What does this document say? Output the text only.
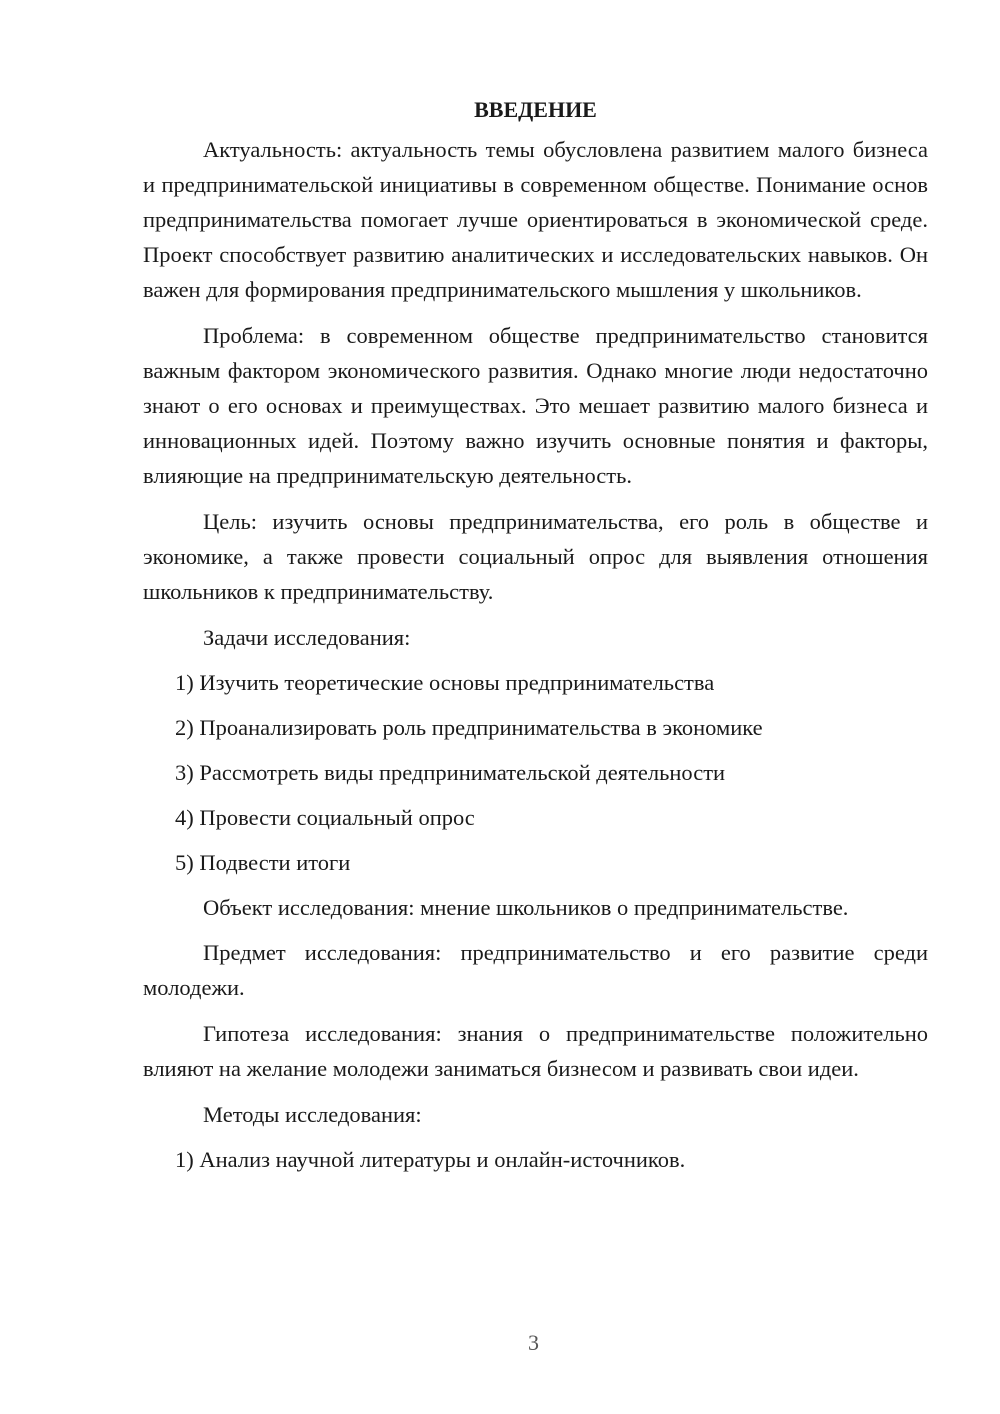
ВВЕДЕНИЕ

Актуальность: актуальность темы обусловлена развитием малого бизнеса и предпринимательской инициативы в современном обществе. Понимание основ предпринимательства помогает лучше ориентироваться в экономической среде. Проект способствует развитию аналитических и исследовательских навыков. Он важен для формирования предпринимательского мышления у школьников.

Проблема: в современном обществе предпринимательство становится важным фактором экономического развития. Однако многие люди недостаточно знают о его основах и преимуществах. Это мешает развитию малого бизнеса и инновационных идей. Поэтому важно изучить основные понятия и факторы, влияющие на предпринимательскую деятельность.

Цель: изучить основы предпринимательства, его роль в обществе и экономике, а также провести социальный опрос для выявления отношения школьников к предпринимательству.

Задачи исследования:

1) Изучить теоретические основы предпринимательства
2) Проанализировать роль предпринимательства в экономике
3) Рассмотреть виды предпринимательской деятельности
4) Провести социальный опрос
5) Подвести итоги

Объект исследования: мнение школьников о предпринимательстве.

Предмет исследования: предпринимательство и его развитие среди молодежи.

Гипотеза исследования: знания о предпринимательстве положительно влияют на желание молодежи заниматься бизнесом и развивать свои идеи.

Методы исследования:

1) Анализ научной литературы и онлайн-источников.
3
